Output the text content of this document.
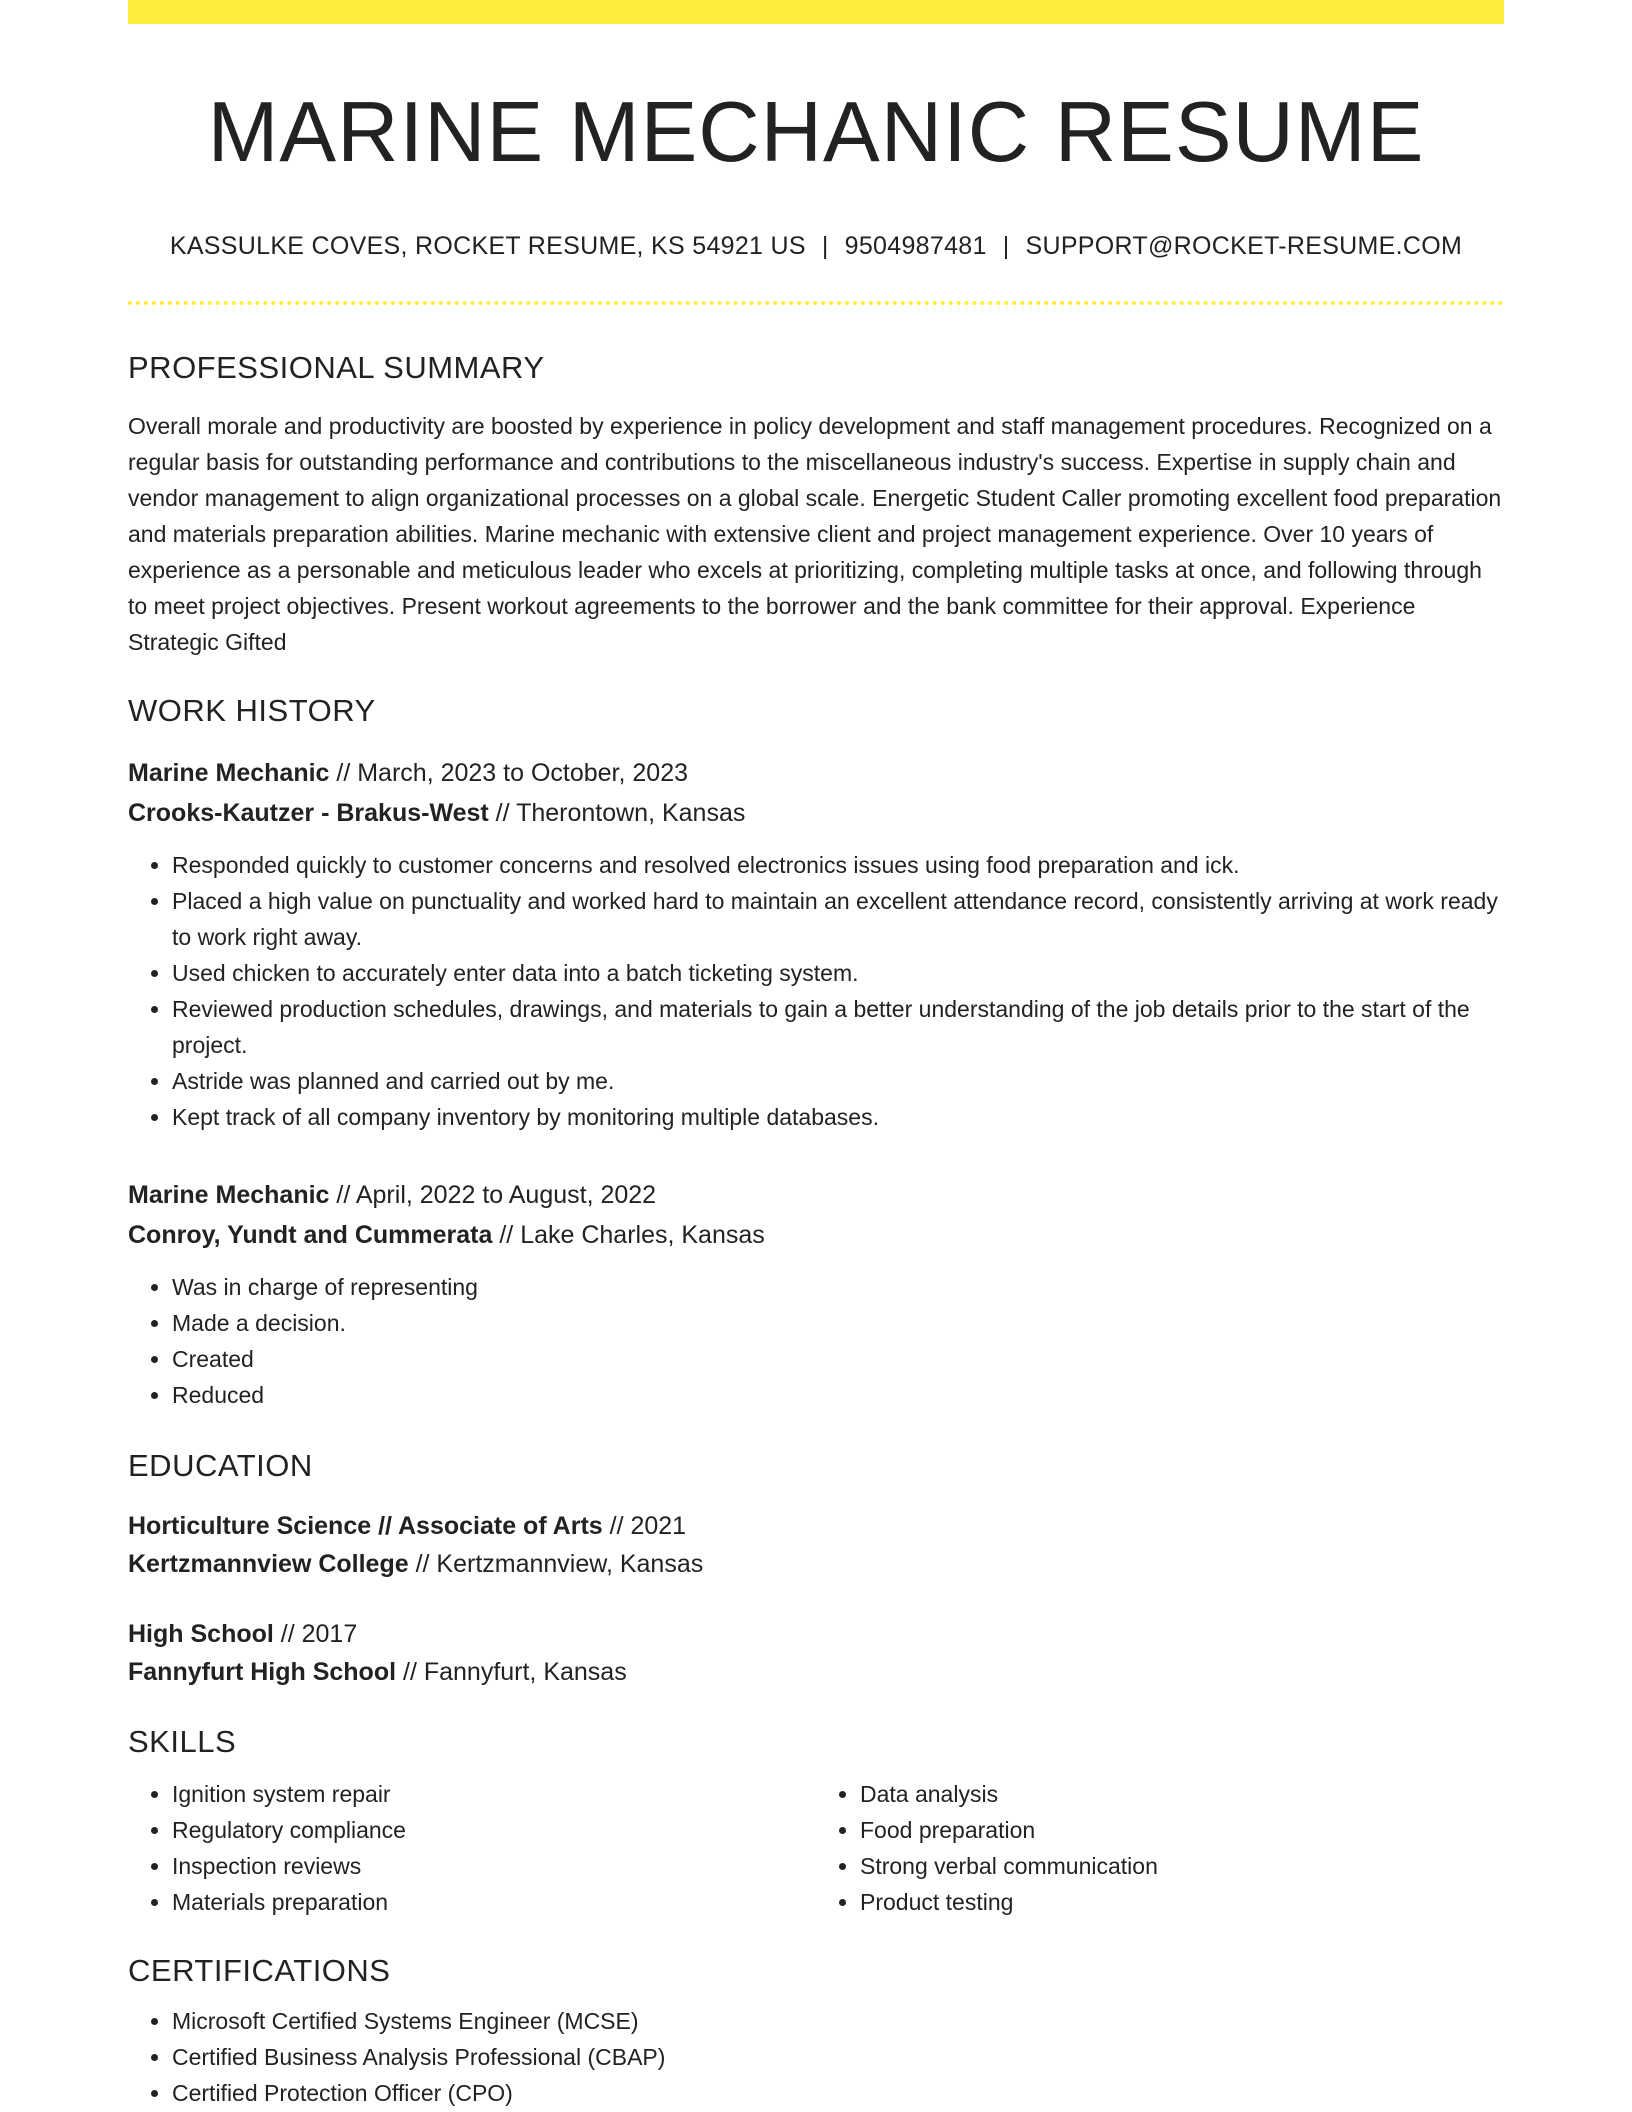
MARINE MECHANIC RESUME
KASSULKE COVES, ROCKET RESUME, KS 54921 US | 9504987481 | SUPPORT@ROCKET-RESUME.COM
PROFESSIONAL SUMMARY

Overall morale and productivity are boosted by experience in policy development and staff management procedures. Recognized on a regular basis for outstanding performance and contributions to the miscellaneous industry's success. Expertise in supply chain and vendor management to align organizational processes on a global scale. Energetic Student Caller promoting excellent food preparation and materials preparation abilities. Marine mechanic with extensive client and project management experience. Over 10 years of experience as a personable and meticulous leader who excels at prioritizing, completing multiple tasks at once, and following through to meet project objectives. Present workout agreements to the borrower and the bank committee for their approval. Experience Strategic Gifted

WORK HISTORY
Marine Mechanic // March, 2023 to October, 2023
Crooks-Kautzer - Brakus-West // Therontown, Kansas
• Responded quickly to customer concerns and resolved electronics issues using food preparation and ick.
• Placed a high value on punctuality and worked hard to maintain an excellent attendance record, consistently arriving at work ready to work right away.
• Used chicken to accurately enter data into a batch ticketing system.
• Reviewed production schedules, drawings, and materials to gain a better understanding of the job details prior to the start of the project.
• Astride was planned and carried out by me.
• Kept track of all company inventory by monitoring multiple databases.
Marine Mechanic // April, 2022 to August, 2022
Conroy, Yundt and Cummerata // Lake Charles, Kansas
• Was in charge of representing
• Made a decision.
• Created
• Reduced
EDUCATION
Horticulture Science // Associate of Arts // 2021
Kertzmannview College // Kertzmannview, Kansas
High School // 2017
Fannyfurt High School // Fannyfurt, Kansas
SKILLS
• Ignition system repair
• Regulatory compliance
• Inspection reviews
• Materials preparation
• Data analysis
• Food preparation
• Strong verbal communication
• Product testing
CERTIFICATIONS
• Microsoft Certified Systems Engineer (MCSE)
• Certified Business Analysis Professional (CBAP)
• Certified Protection Officer (CPO)
